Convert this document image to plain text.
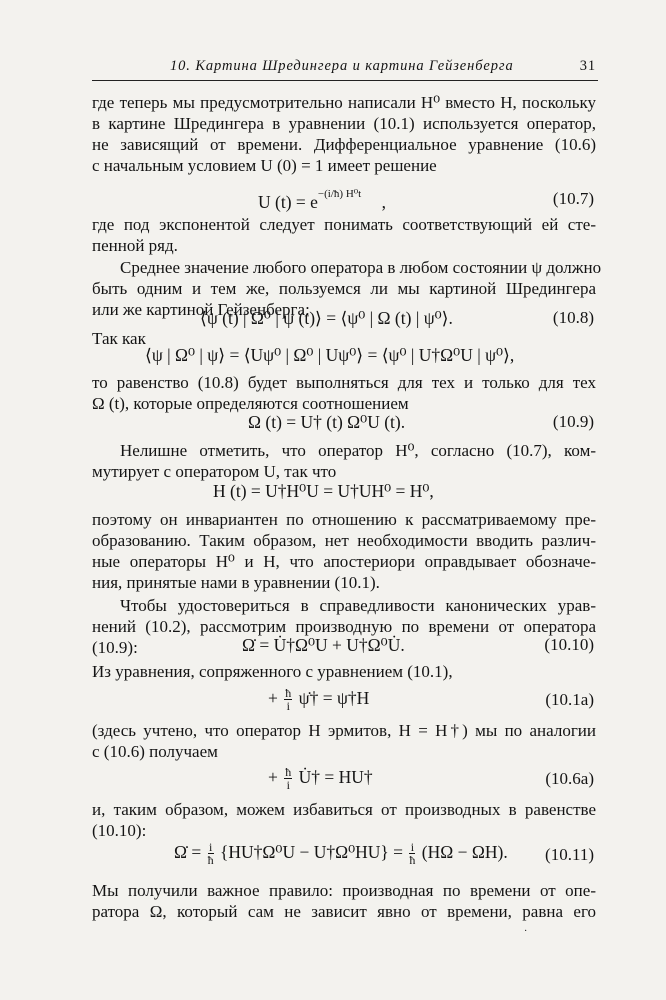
10. Картина Шредингера и картина Гейзенберга	31
где теперь мы предусмотрительно написали H⁰ вместо H, поскольку
в картине Шредингера в уравнении (10.1) используется оператор,
не зависящий от времени. Дифференциальное уравнение (10.6)
с начальным условием U (0) = 1 имеет решение
U $(t) = e^{-(i/ħ) H^0t}$ ,	(10.7)
где под экспонентой следует понимать соответствующий ей сте-
пенной ряд.
Среднее значение любого оператора в любом состоянии ψ должно
быть одним и тем же, пользуемся ли мы картиной Шредингера
или же картиной Гейзенберга:
⟨ψ (t) | Ω⁰ | ψ (t)⟩ = ⟨ψ⁰ | Ω (t) | ψ⁰⟩.	(10.8)
Так как
⟨ψ | Ω⁰ | ψ⟩ = ⟨Uψ⁰ | Ω⁰ | Uψ⁰⟩ = ⟨ψ⁰ | U†Ω⁰U | ψ⁰⟩,
то равенство (10.8) будет выполняться для тех и только для тех
Ω (t), которые определяются соотношением
Ω (t) = U† (t) Ω⁰U (t).	(10.9)
Нелишне отметить, что оператор H⁰, согласно (10.7), ком-
мутирует с оператором U, так что
H (t) = U†H⁰U = U†UH⁰ = H⁰,
поэтому он инвариантен по отношению к рассматриваемому пре-
образованию. Таким образом, нет необходимости вводить различ-
ные операторы H⁰ и H, что апостериори оправдывает обозначе-
ния, принятые нами в уравнении (10.1).
Чтобы удостовериться в справедливости канонических урав-
нений (10.2), рассмотрим производную по времени от оператора
(10.9):	Ω̇ = U̇†Ω⁰U + U†Ω⁰U̇.	(10.10)
Из уравнения, сопряженного с уравнением (10.1),
+ $\frac{ħ}{i}$ ψ̇† = ψ†H	(10.1a)
(здесь учтено, что оператор H эрмитов, H = H†) мы по аналогии
с (10.6) получаем
+ $\frac{ħ}{i}$ U̇† = HU†	(10.6a)
и, таким образом, можем избавиться от производных в равенстве
(10.10):
Ω̇ = $\frac{i}{ħ}$ {HU†Ω⁰U − U†Ω⁰HU} = $\frac{i}{ħ} (H\Omega - \Omega H)$. (10.11)
Мы получили важное правило: производная по времени от опе-
ратора Ω, который сам не зависит явно от времени, равна его
·
